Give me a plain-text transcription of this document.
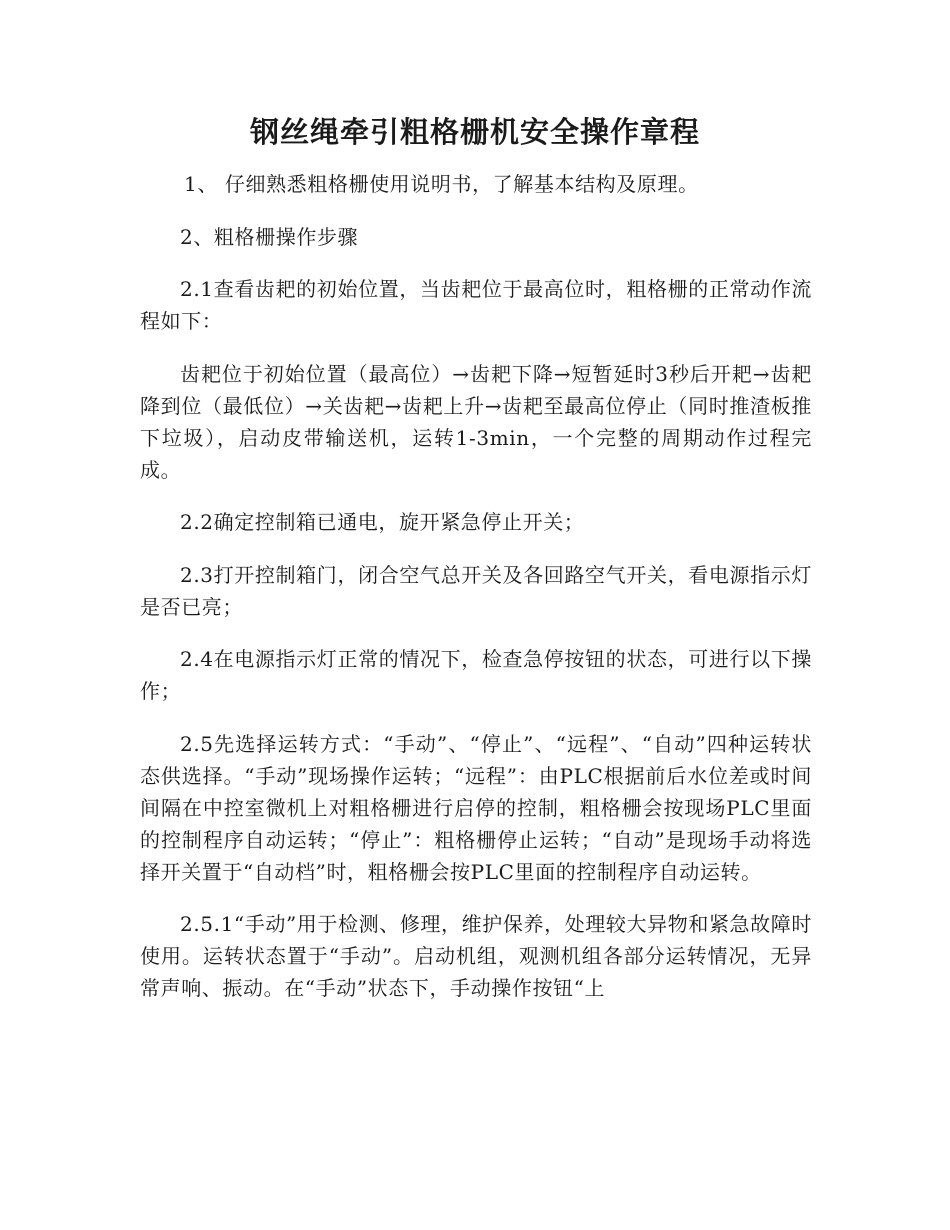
钢丝绳牵引粗格栅机安全操作章程

1、 仔细熟悉粗格栅使用说明书，了解基本结构及原理。

2、粗格栅操作步骤

2.1查看齿耙的初始位置，当齿耙位于最高位时，粗格栅的正常动作流程如下：

齿耙位于初始位置（最高位）→齿耙下降→短暂延时3秒后开耙→齿耙降到位（最低位）→关齿耙→齿耙上升→齿耙至最高位停止（同时推渣板推下垃圾），启动皮带输送机，运转1-3min，一个完整的周期动作过程完成。

2.2确定控制箱已通电，旋开紧急停止开关；

2.3打开控制箱门，闭合空气总开关及各回路空气开关，看电源指示灯是否已亮；

2.4在电源指示灯正常的情况下，检查急停按钮的状态，可进行以下操作；

2.5先选择运转方式：“手动”、“停止”、“远程”、“自动”四种运转状态供选择。“手动”现场操作运转；“远程”：由PLC根据前后水位差或时间间隔在中控室微机上对粗格栅进行启停的控制，粗格栅会按现场PLC里面的控制程序自动运转；“停止”：粗格栅停止运转；“自动”是现场手动将选择开关置于“自动档”时，粗格栅会按PLC里面的控制程序自动运转。

2.5.1“手动”用于检测、修理，维护保养，处理较大异物和紧急故障时使用。运转状态置于“手动”。启动机组，观测机组各部分运转情况，无异常声响、振动。在“手动”状态下，手动操作按钮“上
